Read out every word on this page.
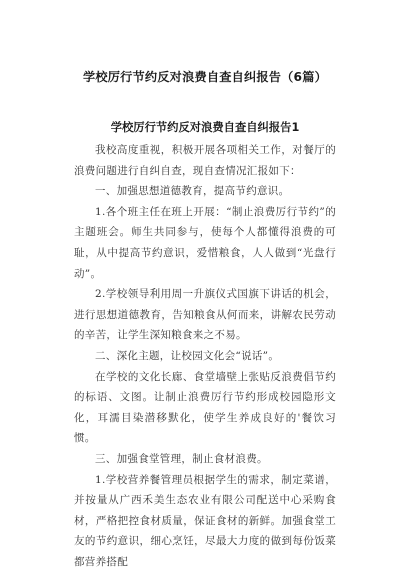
学校厉行节约反对浪费自查自纠报告（6篇）
学校厉行节约反对浪费自查自纠报告1

我校高度重视，积极开展各项相关工作，对餐厅的浪费问题进行自纠自查，现自查情况汇报如下：

一、加强思想道德教育，提高节约意识。

1.各个班主任在班上开展：“制止浪费厉行节约”的主题班会。师生共同参与，使每个人都懂得浪费的可耻，从中提高节约意识，爱惜粮食，人人做到“光盘行动”。

2.学校领导利用周一升旗仪式国旗下讲话的机会，进行思想道德教育，告知粮食从何而来，讲解农民劳动的辛苦，让学生深知粮食来之不易。

二、深化主题，让校园文化会“说话”。

在学校的文化长廊、食堂墙壁上张贴反浪费倡节约的标语、文图。让制止浪费厉行节约形成校园隐形文化，耳濡目染潜移默化，使学生养成良好的'餐饮习惯。

三、加强食堂管理，制止食材浪费。

1.学校营养餐管理员根据学生的需求，制定菜谱，并按量从广西禾美生态农业有限公司配送中心采购食材，严格把控食材质量，保证食材的新鲜。加强食堂工友的节约意识，细心烹饪，尽最大力度的做到每份饭菜都营养搭配
